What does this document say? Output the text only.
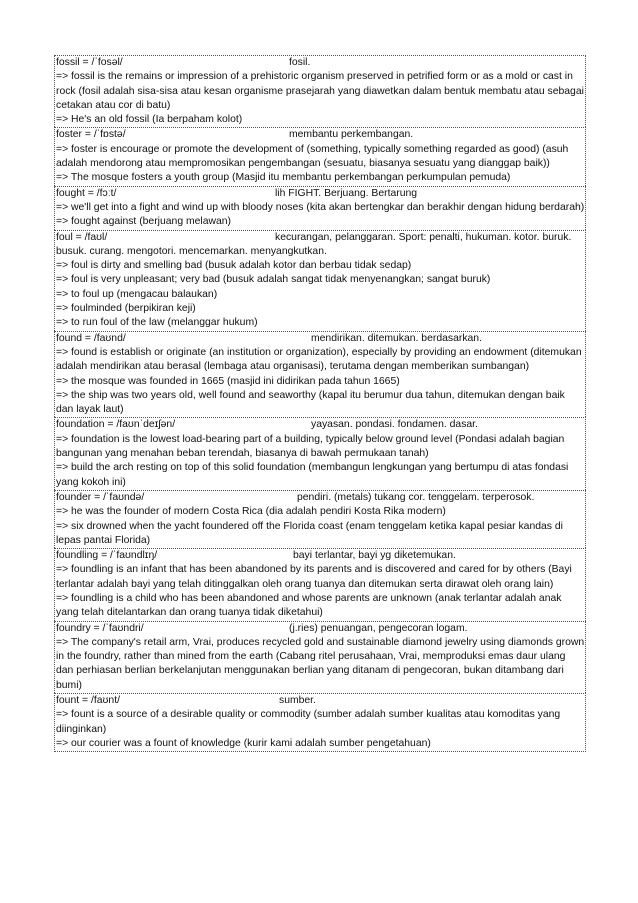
fossil = /ˈfosəl/	fosil.
=> fossil is the remains or impression of a prehistoric organism preserved in petrified form or as a mold or cast in rock (fosil adalah sisa-sisa atau kesan organisme prasejarah yang diawetkan dalam bentuk membatu atau sebagai cetakan atau cor di batu)
=> He's an old fossil (Ia berpaham kolot)
foster = /ˈfɒstə/	membantu perkembangan.
=> foster is encourage or promote the development of (something, typically something regarded as good) (asuh adalah mendorong atau mempromosikan pengembangan (sesuatu, biasanya sesuatu yang dianggap baik))
=> The mosque fosters a youth group (Masjid itu membantu perkembangan perkumpulan pemuda)
fought = /fɔːt/	lih FIGHT. Berjuang. Bertarung
=> we'll get into a fight and wind up with bloody noses (kita akan bertengkar dan berakhir dengan hidung berdarah)
=> fought against (berjuang melawan)
foul = /faʊl/	kecurangan, pelanggaran. Sport: penalti, hukuman. kotor. buruk.
busuk. curang. mengotori. mencemarkan. menyangkutkan.
=> foul is dirty and smelling bad (busuk adalah kotor dan berbau tidak sedap)
=> foul is very unpleasant; very bad (busuk adalah sangat tidak menyenangkan; sangat buruk)
=> to foul up (mengacau balaukan)
=> foulminded (berpikiran keji)
=> to run foul of the law (melanggar hukum)
found = /faʊnd/	mendirikan. ditemukan. berdasarkan.
=> found is establish or originate (an institution or organization), especially by providing an endowment (ditemukan adalah mendirikan atau berasal (lembaga atau organisasi), terutama dengan memberikan sumbangan)
=> the mosque was founded in 1665 (masjid ini didirikan pada tahun 1665)
=> the ship was two years old, well found and seaworthy (kapal itu berumur dua tahun, ditemukan dengan baik dan layak laut)
foundation = /faʊnˈdeɪʃən/	yayasan. pondasi. fondamen. dasar.
=> foundation is the lowest load-bearing part of a building, typically below ground level (Pondasi adalah bagian bangunan yang menahan beban terendah, biasanya di bawah permukaan tanah)
=> build the arch resting on top of this solid foundation (membangun lengkungan yang bertumpu di atas fondasi yang kokoh ini)
founder = /ˈfaʊndə/	pendiri. (metals) tukang cor. tenggelam. terperosok.
=> he was the founder of modern Costa Rica (dia adalah pendiri Kosta Rika modern)
=> six drowned when the yacht foundered off the Florida coast (enam tenggelam ketika kapal pesiar kandas di lepas pantai Florida)
foundling = /ˈfaʊndlɪŋ/	bayi terlantar, bayi yg diketemukan.
=> foundling is an infant that has been abandoned by its parents and is discovered and cared for by others (Bayi terlantar adalah bayi yang telah ditinggalkan oleh orang tuanya dan ditemukan serta dirawat oleh orang lain)
=> foundling is a child who has been abandoned and whose parents are unknown (anak terlantar adalah anak yang telah ditelantarkan dan orang tuanya tidak diketahui)
foundry = /ˈfaʊndri/	(j.ries) penuangan, pengecoran logam.
=> The company's retail arm, Vrai, produces recycled gold and sustainable diamond jewelry using diamonds grown in the foundry, rather than mined from the earth (Cabang ritel perusahaan, Vrai, memproduksi emas daur ulang dan perhiasan berlian berkelanjutan menggunakan berlian yang ditanam di pengecoran, bukan ditambang dari bumi)
fount = /faʊnt/	sumber.
=> fount is a source of a desirable quality or commodity (sumber adalah sumber kualitas atau komoditas yang diinginkan)
=> our courier was a fount of knowledge (kurir kami adalah sumber pengetahuan)
